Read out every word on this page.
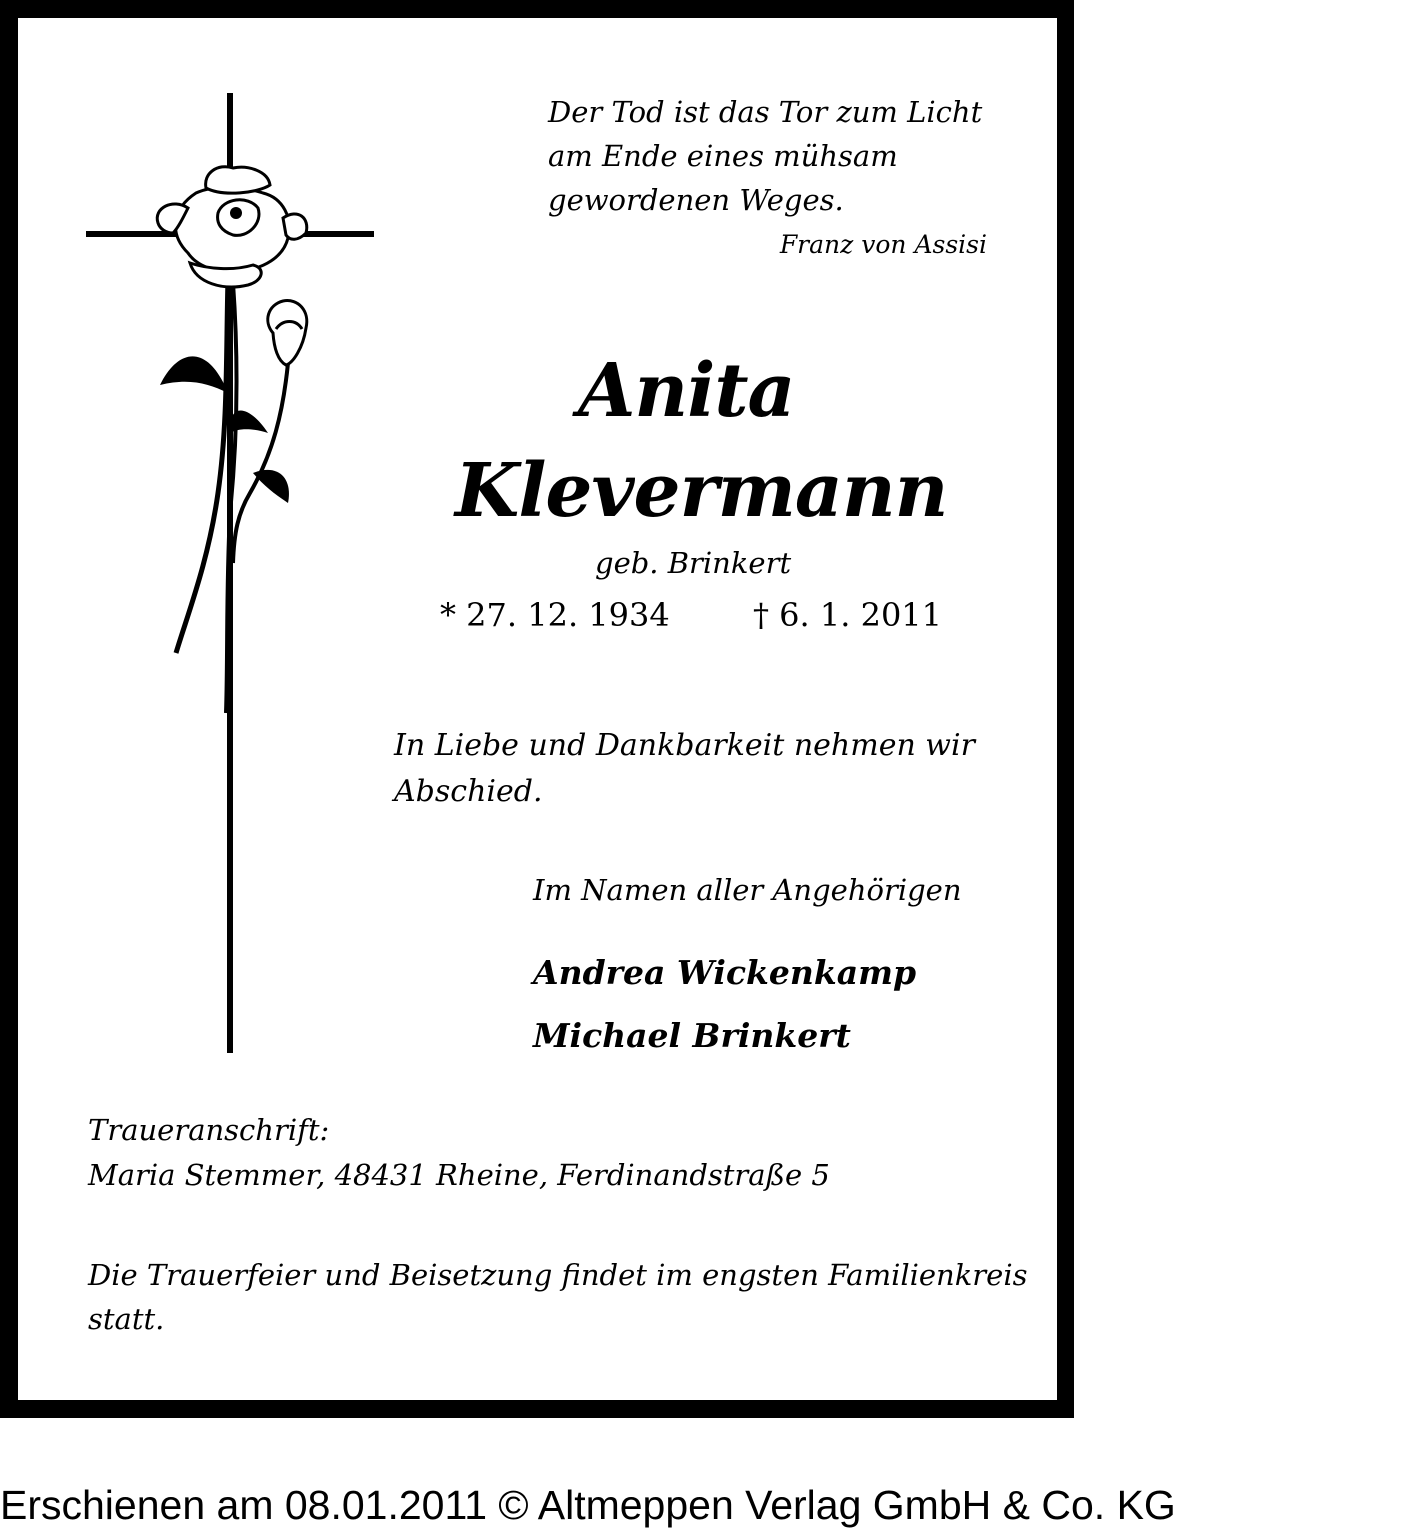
Der Tod ist das Tor zum Licht
am Ende eines mühsam
gewordenen Weges.
Franz von Assisi
Anita
Klevermann
geb. Brinkert
* 27. 12. 1934	† 6. 1. 2011
In Liebe und Dankbarkeit nehmen wir
Abschied.
Im Namen aller Angehörigen
Andrea Wickenkamp
Michael Brinkert
Traueranschrift:
Maria Stemmer, 48431 Rheine, Ferdinandstraße 5
Die Trauerfeier und Beisetzung findet im engsten Familienkreis
statt.
Erschienen am 08.01.2011 © Altmeppen Verlag GmbH & Co. KG
